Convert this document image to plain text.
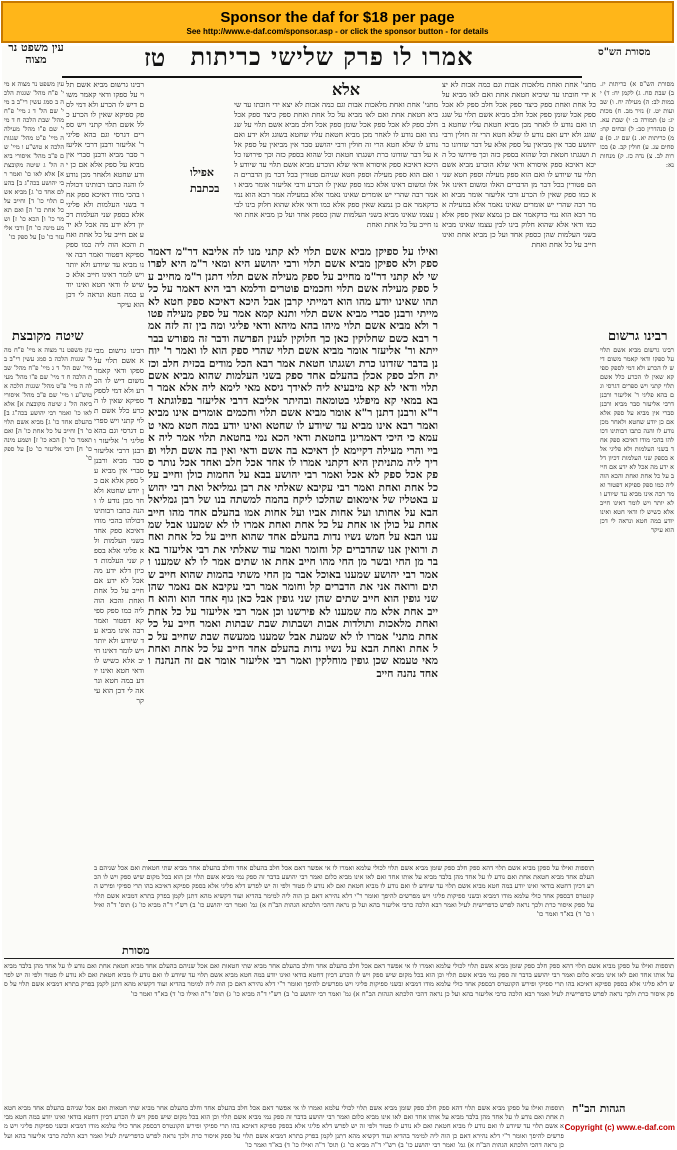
Sponsor the daf for $18 per page
See http://www.e-daf.com/sponsor.asp - or click the sponsor button - for details
מסורת הש"ס
אמרו לו פרק שלישי כריתות
טז
עין משפט נר מצוה
מסורת הש"ס א) כריתות יז. ב) שבת סח. ג) לקמן יח: ד) יבמות לב: ה) מעילה יח. ו) שבועות יט. ז) נזיר מב. ח) מכות יג: ט) תמורה ב: י) שבת עא. כ) סנהדרין סב: ל) זבחים קח: מ) כריתות יא. נ) שם יג. ס) פסחים עג. ע) חולין קב. פ) בכורות לב. צ) נדה כז. ק) מנחות נא:
רבינו גרשום
רבינו גרשום מביא אשם תלוי על ספקו ודאי קאמר משום דיש לו הכרע ולא דמי לספק ספיקא שאין לו הכרע כלל אשם תלוי קתני ויש ספרים דגרסי וגם בהא פליגי ר' אליעזר ורבנן דרבי אליעזר סבר מביא ורבנן סברי אין מביא על ספק אלא אם כן יודע שחטא ולאחר מכן נודע לו והנה כתבו רבותינו דכולהו בהכי מודו דאיכא ספק אחד בשני העלמות ולא פליגי אלא בספק שני העלמות דכיון דלא ידע מה אכל לא ידע אם חייב על כל אחת ואחת והכא הוה ליה כמו ספק ספיקא דפטור ואמר רבה אינו מביא עד שיודע ולא יותר ויש לומר דאינו חייב אלא כשיש לו ודאי חטא ואינו יודע במה חטא ונראה לי דכן הוא עיקר
מתני' אחת ואחת מלאכות אבות וגם כמה אבות לא יצא ידי חובתו עד שיביא חטאת אחת ואם לאו מביא על כל אחת ואחת ספק כיצד ספק אכל חלב ספק לא אכל ספק אכל שומן ספק אכל חלב מביא אשם תלוי על שגגתו ואם נודע לו לאחר מכן מביא חטאת עליו שחטא בשוגג ולא ידע ואם נודע לו שלא חטא הרי זה חולין ורבי יהושע סבר אין מביאין על ספק אלא על דבר שזדונו כרת ושגגתו חטאת וכל שהוא בספק כזה וכך פירושו כל היכא דאיכא ספק איסורא ודאי שלא הוכרע מביא אשם תלוי עד שיודע לו ואם הוא ספק מעילה וספק חטא שניהם פטורין בכל דבר מן הדברים האלו ומשום דאינו אלא כמו ספק שאין לו הכרע ורבי אליעזר אומר מביא ואמר רבה שהרי יש אומרים שאינו נאמר אלא במעילה אמר רבא הוא נמי כדקאמר אם כן נמצא שאין ספק אלא כמו ודאי אלא שהוא חלוק בינו לבין עצמו שאינו מביא בשני העלמות שהן כספק אחד ועל כן מביא אחת ואינו חייב על כל אחת ואחת
אלא
אפילו
בכתבת
ואילו על ספיקן מביא אשם תלוי לא קתני מנו לה אליבא דר"מ דאמר ספק ולא ספיקן מביא אשם תלוי ורבי יהושע היא ומאי ר"מ היא לפרושי לא קתני דר"מ מחייב על ספק מעילה אשם תלוי דתנן ר"מ מחייב על ספק מעילה אשם תלוי וחכמים פוטרים ודלמא רבי היא דאמר על כל תהו שאינו יודע מהו הוא דמייתי קרבן אבל היכא דאיכא ספק חטא לא מייתי ורבנן סברי מביא אשם תלוי ותנא קמא אמר על ספק מעילה פטור ולא מביא אשם תלוי מיהו בהא מיהא ודאי פליגי ומה בין זה לזה אמר רבא כשם שחלוקין כאן כך חלוקין לענין הפרשה ודבר זה מפורש בברייתא ור' אליעזר אומר מביא אשם תלוי שהרי ספק הוא לו ואמר ר' יוחנן בדבר שזדונו כרת ושגגתו חטאת אמר רבא הכל מודים בכזית חלב וכזית חלב ספק אכלן בהעלם אחד ספק בשני העלמות שהוא מביא אשם תלוי ודאי לא קא מיבעיא ליה לאידך גיסא מאי לימא ליה אלא אמר רבא במאי קא מיפלגי בטומאה ובהיתר אליבא דרבי אליעזר בפלוגתא דר"א ורבנן דתנן ר"א אומר מביא אשם תלוי וחכמים אומרים אינו מביא ואמר רבא אינו מביא עד שיודע לו שחטא ואינו יודע במה חטא מאי טעמא כי היכי דאמרינן בחטאת ודאי הכא נמי בחטאת תלוי אמר ליה אביי והרי מעילה דקיימא לן דאיכא בה אשם ודאי ואין בה אשם תלוי ופריך ליה מתניתין היא דקתני אמרו לו אחד אכל חלב ואחד אכל נותר ספק אכל ספק לא אכל ואמר רבי יהושע בבא על החמות כולן וחייב על כל אחת ואחת ואמר רבי עקיבא שאלתי את רבן גמליאל ואת רבי יהושע באטליז של אימאום שהלכו ליקח בהמה למשתה בנו של רבן גמליאל הבא על אחותו ועל אחות אביו ועל אחות אמו בהעלם אחד מהו חייב אחת על כולן או אחת על כל אחת ואחת אמרו לו לא שמענו אבל שמענו הבא על חמש נשיו נדות בהעלם אחד שהוא חייב על כל אחת ואחת ורואין אנו שהדברים קל וחומר ואמר עוד שאלתי את רבי אליעזר באבר מן החי ובשר מן החי מהו חייב אחת או שתים אמר לו לא שמענו ואמר רבי יהושע שמענו באוכל אבר מן החי משתי בהמות שהוא חייב שתים ורואה אני את הדברים קל וחומר אמר רבי עקיבא אם נאמר שהן שני גופין הוא חייב שתים שהן שני גופין אבל כאן גוף אחד הוא והוא חייב אחת אלא מה שמענו לא פירשנו וכן אמר רבי אליעזר על כל אחת ואחת מלאכות ותולדות אבות ושבתות שבת שבתות ואמר חייב על כל אחת מתני' אמרו לו לא שמעת אבל שמענו ממעשה שבת שחייב על כל אחת ואחת הבא על נשיו נדות בהעלם אחד חייב על כל אחת ואחת מאי טעמא שכן גופין מוחלקין ואמר רבי אליעזר אומר אם זה הנהנה ואחד נהנה חייב
מתני' אחת ואחת מלאכות אבות וגם כמה אבות לא יצא ידי חובתו עד שיביא חטאת אחת ואם לאו מביא על כל אחת ואחת ספק כיצד ספק אכל חלב ספק לא אכל ספק אכל שומן ספק אכל חלב מביא אשם תלוי על שגגתו ואם נודע לו לאחר מכן מביא חטאת עליו שחטא בשוגג ולא ידע ואם נודע לו שלא חטא הרי זה חולין ורבי יהושע סבר אין מביאין על ספק אלא על דבר שזדונו כרת ושגגתו חטאת וכל שהוא בספק כזה וכך פירושו כל היכא דאיכא ספק איסורא ודאי שלא הוכרע מביא אשם תלוי עד שיודע לו ואם הוא ספק מעילה וספק חטא שניהם פטורין בכל דבר מן הדברים האלו ומשום דאינו אלא כמו ספק שאין לו הכרע ורבי אליעזר אומר מביא ואמר רבה שהרי יש אומרים שאינו נאמר אלא במעילה אמר רבא הוא נמי כדקאמר אם כן נמצא שאין ספק אלא כמו ודאי אלא שהוא חלוק בינו לבין עצמו שאינו מביא בשני העלמות שהן כספק אחד ועל כן מביא אחת ואינו חייב על כל אחת ואחת
רבינו גרשום מביא אשם תלוי על ספקו ודאי קאמר משום דיש לו הכרע ולא דמי לספק ספיקא שאין לו הכרע כלל אשם תלוי קתני ויש ספרים דגרסי וגם בהא פליגי ר' אליעזר ורבנן דרבי אליעזר סבר מביא ורבנן סברי אין מביא על ספק אלא אם כן יודע שחטא ולאחר מכן נודע לו והנה כתבו רבותינו דכולהו בהכי מודו דאיכא ספק אחד בשני העלמות ולא פליגי אלא בספק שני העלמות דכיון דלא ידע מה אכל לא ידע אם חייב על כל אחת ואחת והכא הוה ליה כמו ספק ספיקא דפטור ואמר רבה אינו מביא עד שיודע ולא יותר ויש לומר דאינו חייב אלא כשיש לו ודאי חטא ואינו יודע במה חטא ונראה לי דכן הוא עיקר
שיטה מקובצת
עין משפט נר מצוה א מיי' פ"ח מהל' שגגות הלכה ב סמג עשין רי"ב ב מיי' שם הל' ד ג מיי' פ"ח מהל' שבת הלכה ח ד מיי' שם פ"ו מהל' מעילה ה מיי' פ"ט מהל' שגגות הלכה א טוש"ע ו מיי' שם פ"ב מהל' איסורי ביאה הל' ג שיטה מקובצת א] אלא לאו כו' ואמר רבי יהושע בכה"ג ב] בהעלם אחד כו' ג] מביא אשם תלוי כו' ד] וחייב על כל אחת כו' ה] ואם תאמר כו' ו] הכא כו' ז] ושמע מינה כו' ח] ורבי אליעזר כו' ט] על ספק כו'
עין משפט נר מצוה א מיי' פ"ח מהל' שגגות הלכה ב סמג עשין רי"ב ב מיי' שם הל' ד ג מיי' פ"ח מהל' שבת הלכה ח ד מיי' שם פ"ו מהל' מעילה ה מיי' פ"ט מהל' שגגות הלכה א טוש"ע ו מיי' שם פ"ב מהל' איסורי ביאה הל' ג שיטה מקובצת א] אלא לאו כו' ואמר רבי יהושע בכה"ג ב] בהעלם אחד כו' ג] מביא אשם תלוי כו' ד] וחייב על כל אחת כו' ה] ואם תאמר כו' ו] הכא כו' ז] ושמע מינה כו' ח] ורבי אליעזר כו' ט] על ספק כו'
רבינו גרשום מביא אשם תלוי על ספקו ודאי קאמר משום דיש לו הכרע ולא דמי לספק ספיקא שאין לו הכרע כלל אשם תלוי קתני ויש ספרים דגרסי וגם בהא פליגי ר' אליעזר ורבנן דרבי אליעזר סבר מביא ורבנן סברי אין מביא על ספק אלא אם כן יודע שחטא ולאחר מכן נודע לו והנה כתבו רבותינו דכולהו בהכי מודו דאיכא ספק אחד בשני העלמות ולא פליגי אלא בספק שני העלמות דכיון דלא ידע מה אכל לא ידע אם חייב על כל אחת ואחת והכא הוה ליה כמו ספק ספיקא דפטור ואמר רבה אינו מביא עד שיודע ולא יותר ויש לומר דאינו חייב אלא כשיש לו ודאי חטא ואינו יודע במה חטא ונראה לי דכן הוא עיקר
תוספות ואילו על ספקן מביא אשם תלוי דהא ספק חלב ספק שומן מביא אשם תלוי לכולי עלמא ואמרו לו אי אפשר דאם אכל חלב בהעלם אחד וחלב בהעלם אחר מביא שתי חטאות ואם אכל שניהם בהעלם אחד מביא חטאת אחת ואם נודע לו על אחד מהן בלבד מביא על אותו אחד ואם לאו אינו מביא כלום ואמר רבי יהושע בדבר זה ספק נמי מביא אשם תלוי וכן הוא בכל מקום שיש ספק ויש לו הכרע דכיון דחטא בודאי ואינו יודע במה חטא מביא אשם תלוי עד שיודע לו ואם נודע לו מביא חטאת ואם לא נודע לו פטור ולפי זה יש לפרש דלא פליגי אלא בספק ספיקא דאיכא בהו תרי ספיקי ופירש הקונטרס דבספק אחד כולי עלמא מודו דמביא ובשני ספיקות פליגי ויש מפרשים להיפך ואומר ר"י דלא נהירא דאם כן הוה ליה למימר בהדיא ועוד דקשיא מהא דתנן לקמן בפרק בתרא דמביא אשם תלוי על ספק איסור כרת ולכך נראה לפרש כדפרישית לעיל ואמר רבא הלכה כרבי אליעזר בהא ועל כן נראה דהכי הלכתא הגהות הב"ח א) גמ' ואמר רבי יהושע כו' ב) רש"י ד"ה מביא כו' ג) תוס' ד"ה ואילו כו' ד) בא"ד ואמר כו'
מסורת
תוספות ואילו על ספקן מביא אשם תלוי דהא ספק חלב ספק שומן מביא אשם תלוי לכולי עלמא ואמרו לו אי אפשר דאם אכל חלב בהעלם אחד וחלב בהעלם אחר מביא שתי חטאות ואם אכל שניהם בהעלם אחד מביא חטאת אחת ואם נודע לו על אחד מהן בלבד מביא על אותו אחד ואם לאו אינו מביא כלום ואמר רבי יהושע בדבר זה ספק נמי מביא אשם תלוי וכן הוא בכל מקום שיש ספק ויש לו הכרע דכיון דחטא בודאי ואינו יודע במה חטא מביא אשם תלוי עד שיודע לו ואם נודע לו מביא חטאת ואם לא נודע לו פטור ולפי זה יש לפרש דלא פליגי אלא בספק ספיקא דאיכא בהו תרי ספיקי ופירש הקונטרס דבספק אחד כולי עלמא מודו דמביא ובשני ספיקות פליגי ויש מפרשים להיפך ואומר ר"י דלא נהירא דאם כן הוה ליה למימר בהדיא ועוד דקשיא מהא דתנן לקמן בפרק בתרא דמביא אשם תלוי על ספק איסור כרת ולכך נראה לפרש כדפרישית לעיל ואמר רבא הלכה כרבי אליעזר בהא ועל כן נראה דהכי הלכתא הגהות הב"ח א) גמ' ואמר רבי יהושע כו' ב) רש"י ד"ה מביא כו' ג) תוס' ד"ה ואילו כו' ד) בא"ד ואמר כו'
הגהות הב"ח
תוספות ואילו על ספקן מביא אשם תלוי דהא ספק חלב ספק שומן מביא אשם תלוי לכולי עלמא ואמרו לו אי אפשר דאם אכל חלב בהעלם אחד וחלב בהעלם אחר מביא שתי חטאות ואם אכל שניהם בהעלם אחד מביא חטאת אחת ואם נודע לו על אחד מהן בלבד מביא על אותו אחד ואם לאו אינו מביא כלום ואמר רבי יהושע בדבר זה ספק נמי מביא אשם תלוי וכן הוא בכל מקום שיש ספק ויש לו הכרע דכיון דחטא בודאי ואינו יודע במה חטא מביא אשם תלוי עד שיודע לו ואם נודע לו מביא חטאת ואם לא נודע לו פטור ולפי זה יש לפרש דלא פליגי אלא בספק ספיקא דאיכא בהו תרי ספיקי ופירש הקונטרס דבספק אחד כולי עלמא מודו דמביא ובשני ספיקות פליגי ויש מפרשים להיפך ואומר ר"י דלא נהירא דאם כן הוה ליה למימר בהדיא ועוד דקשיא מהא דתנן לקמן בפרק בתרא דמביא אשם תלוי על ספק איסור כרת ולכך נראה לפרש כדפרישית לעיל ואמר רבא הלכה כרבי אליעזר בהא ועל כן נראה דהכי הלכתא הגהות הב"ח א) גמ' ואמר רבי יהושע כו' ב) רש"י ד"ה מביא כו' ג) תוס' ד"ה ואילו כו' ד) בא"ד ואמר כו'
Copyright (c) www.e-daf.com
